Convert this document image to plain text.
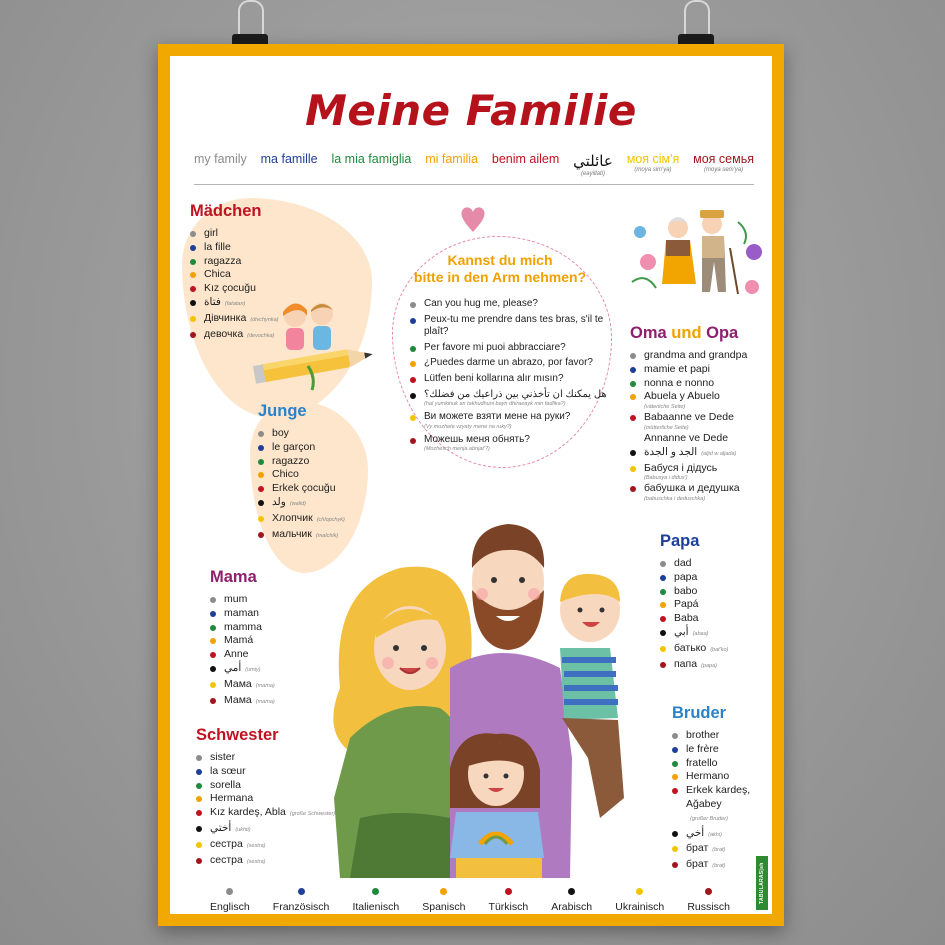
Meine Familie
my family ma famille la mia famiglia mi familia benim ailem عائلتي
(eayillati)
моя сім'я
(moya sim'ya)
моя семья
(moya sem'ya)
Mädchen
girl
la fille
ragazza
Chica
Kız çocuğu
فتاة (fatatan)
Дівчинка (divchynka)
девочка (devochka)
Junge
boy
le garçon
ragazzo
Chico
Erkek çocuğu
ولد (walid)
Хлопчик (chlopchyk)
мальчик (malchik)
Kannst du mich
bitte in den Arm nehmen?
Can you hug me, please?
Peux-tu me prendre dans tes bras, s'il te plaît?
Per favore mi puoi abbracciare?
¿Puedes darme un abrazo, por favor?
Lütfen beni kollarına alır mısın?
هل يمكنك ان تأخذني بين ذراعيك من فضلك؟
(hal yumkinuk an takhudhuni bayn dhiraeayk min fadlika?)
Ви можете взяти мене на руки?
(Vy mozhete vzyaty mene na ruky?)
Можешь меня обнять?
(Mozhesch menja abnjat'?)
Oma und Opa
grandma and grandpa
mamie et papi
nonna e nonno
Abuela y Abuelo
(väterliche Seite)
Babaanne ve Dede
(mütterliche Seite)
Annanne ve Dede
الجد و الجدة (aljid w aljada)
Бабуся і дідусь
(Babusya i didus')
бабушка и дедушка
(babuschka i deduschka)
Papa
dad
papa
babo
Papá
Baba
أبي (abaa)
батько (bat'ko)
папа (papa)
Mama
mum
maman
mamma
Mamá
Anne
أمي (umiy)
Мама (mama)
Мама (mama)
Bruder
brother
le frère
fratello
Hermano
Erkek kardeş, Ağabey
(großer Bruder)
أخي (akhi)
брат (brat)
брат (brat)
Schwester
sister
la sœur
sorella
Hermana
Kız kardeş, Abla (große Schwester)
أختي (ukhti)
сестра (sestra)
сестра (sestra)
Englisch Französisch Italienisch Spanisch Türkisch Arabisch Ukrainisch Russisch
TABULARAS|sh
